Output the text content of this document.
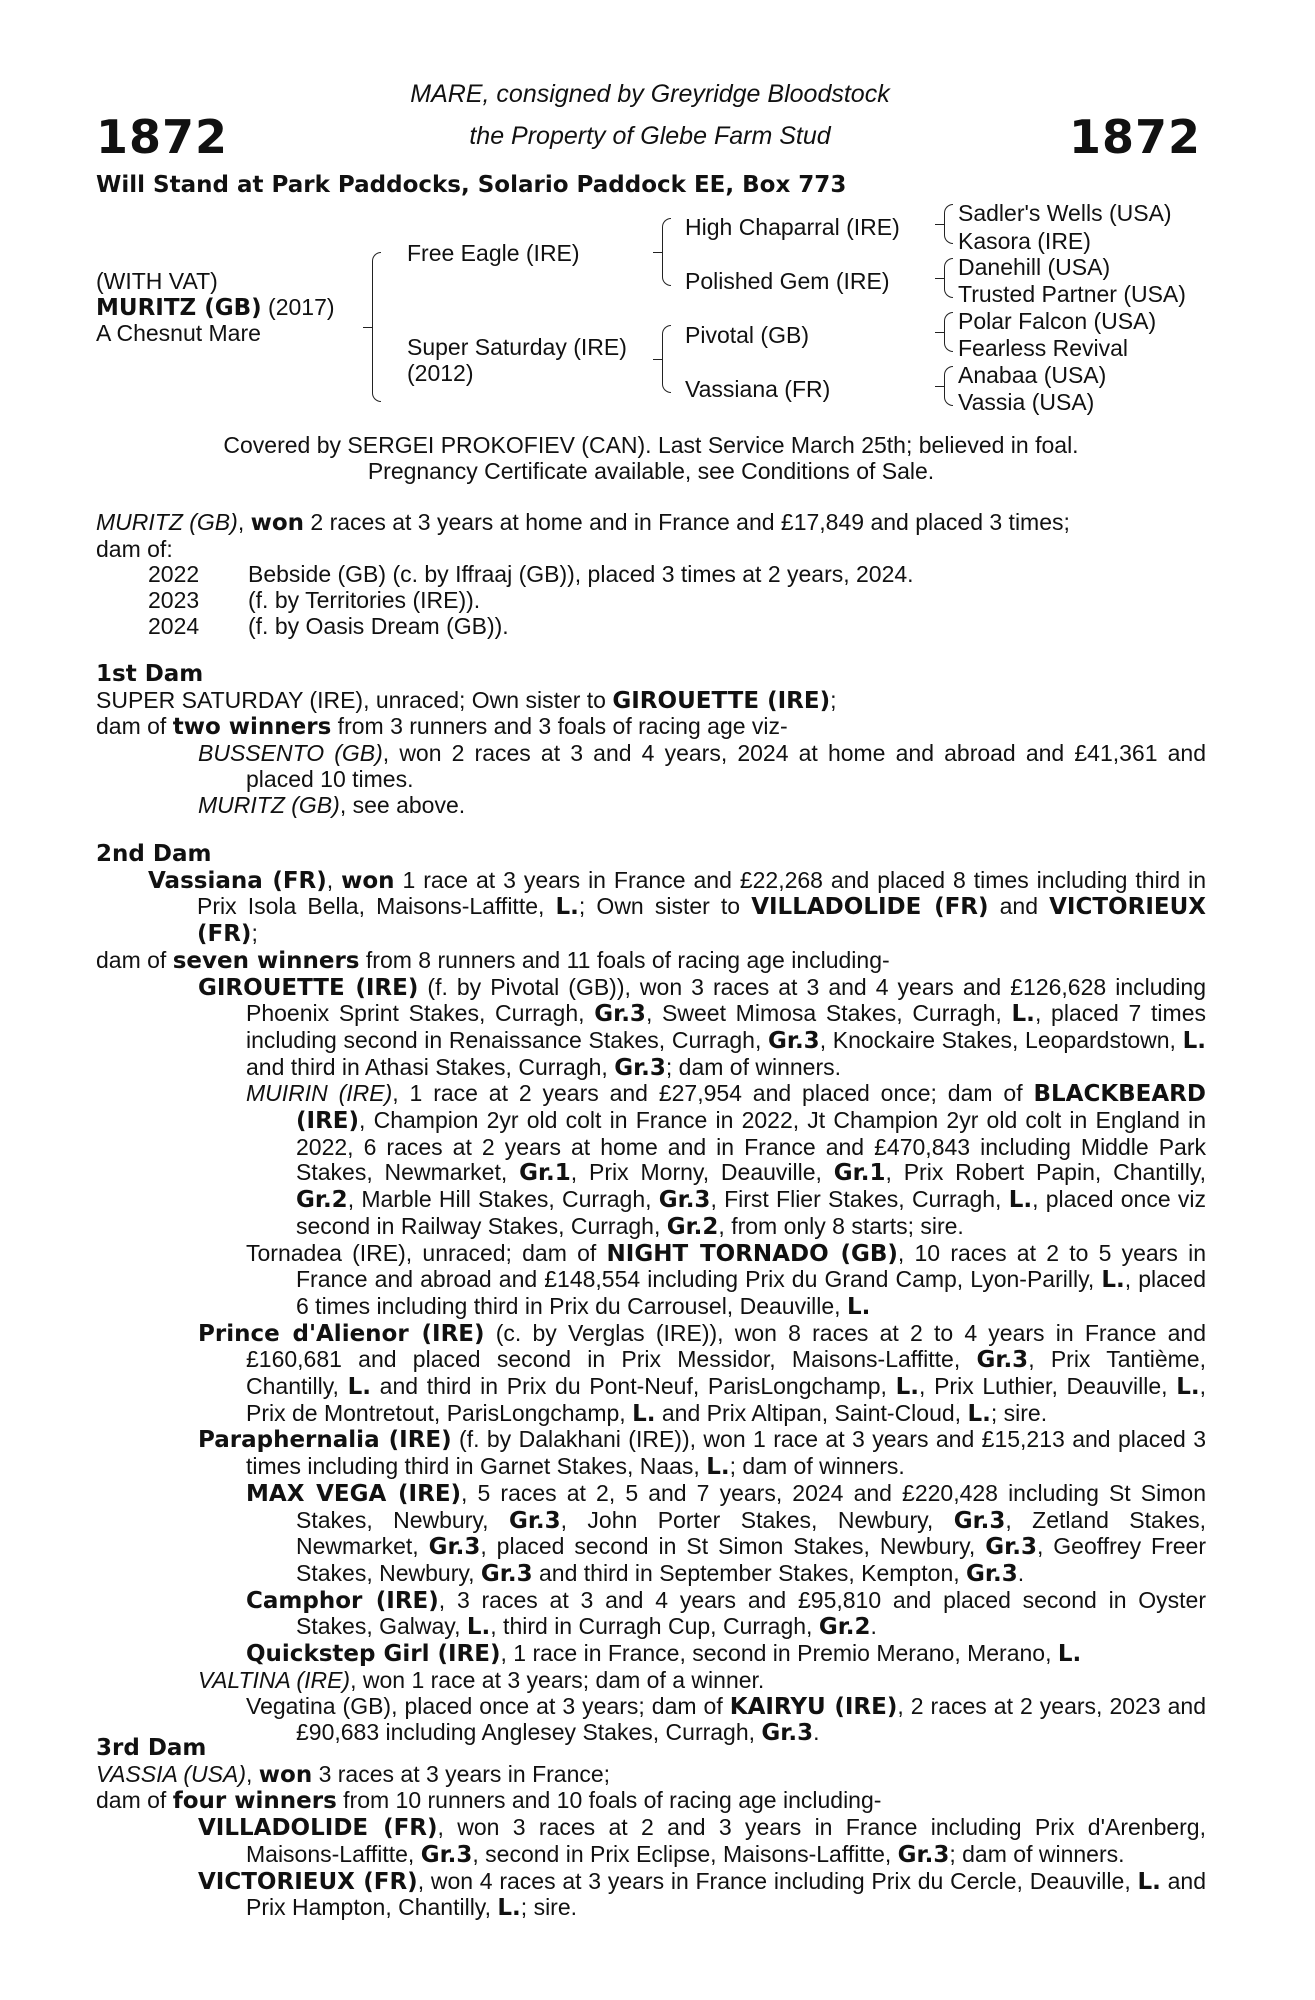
MARE, consigned by Greyridge Bloodstock
1872	the Property of Glebe Farm Stud	1872
Will Stand at Park Paddocks, Solario Paddock EE, Box 773
(WITH VAT)
MURITZ (GB) (2017)
A Chesnut Mare
Free Eagle (IRE)
Super Saturday (IRE)
(2012)
High Chaparral (IRE)
Polished Gem (IRE)
Pivotal (GB)
Vassiana (FR)
Sadler's Wells (USA)
Kasora (IRE)
Danehill (USA)
Trusted Partner (USA)
Polar Falcon (USA)
Fearless Revival
Anabaa (USA)
Vassia (USA)

Covered by SERGEI PROKOFIEV (CAN). Last Service March 25th; believed in foal.

Pregnancy Certificate available, see Conditions of Sale.

MURITZ (GB), won 2 races at 3 years at home and in France and £17,849 and placed 3 times;

dam of:

2022	Bebside (GB) (c. by Iffraaj (GB)), placed 3 times at 2 years, 2024.
2023	(f. by Territories (IRE)).
2024	(f. by Oasis Dream (GB)).

1st Dam

SUPER SATURDAY (IRE), unraced; Own sister to GIROUETTE (IRE);

dam of two winners from 3 runners and 3 foals of racing age viz-

BUSSENTO (GB), won 2 races at 3 and 4 years, 2024 at home and abroad and £41,361 and placed 10 times.

MURITZ (GB), see above.

2nd Dam

Vassiana (FR), won 1 race at 3 years in France and £22,268 and placed 8 times including third in Prix Isola Bella, Maisons-Laffitte, L.; Own sister to VILLADOLIDE (FR) and VICTORIEUX (FR);

dam of seven winners from 8 runners and 11 foals of racing age including-

GIROUETTE (IRE) (f. by Pivotal (GB)), won 3 races at 3 and 4 years and £126,628 including Phoenix Sprint Stakes, Curragh, Gr.3, Sweet Mimosa Stakes, Curragh, L., placed 7 times including second in Renaissance Stakes, Curragh, Gr.3, Knockaire Stakes, Leopardstown, L. and third in Athasi Stakes, Curragh, Gr.3; dam of winners.

MUIRIN (IRE), 1 race at 2 years and £27,954 and placed once; dam of BLACKBEARD (IRE), Champion 2yr old colt in France in 2022, Jt Champion 2yr old colt in England in 2022, 6 races at 2 years at home and in France and £470,843 including Middle Park Stakes, Newmarket, Gr.1, Prix Morny, Deauville, Gr.1, Prix Robert Papin, Chantilly, Gr.2, Marble Hill Stakes, Curragh, Gr.3, First Flier Stakes, Curragh, L., placed once viz second in Railway Stakes, Curragh, Gr.2, from only 8 starts; sire.

Tornadea (IRE), unraced; dam of NIGHT TORNADO (GB), 10 races at 2 to 5 years in France and abroad and £148,554 including Prix du Grand Camp, Lyon-Parilly, L., placed 6 times including third in Prix du Carrousel, Deauville, L.

Prince d'Alienor (IRE) (c. by Verglas (IRE)), won 8 races at 2 to 4 years in France and £160,681 and placed second in Prix Messidor, Maisons-Laffitte, Gr.3, Prix Tantième, Chantilly, L. and third in Prix du Pont-Neuf, ParisLongchamp, L., Prix Luthier, Deauville, L., Prix de Montretout, ParisLongchamp, L. and Prix Altipan, Saint-Cloud, L.; sire.

Paraphernalia (IRE) (f. by Dalakhani (IRE)), won 1 race at 3 years and £15,213 and placed 3 times including third in Garnet Stakes, Naas, L.; dam of winners.

MAX VEGA (IRE), 5 races at 2, 5 and 7 years, 2024 and £220,428 including St Simon Stakes, Newbury, Gr.3, John Porter Stakes, Newbury, Gr.3, Zetland Stakes, Newmarket, Gr.3, placed second in St Simon Stakes, Newbury, Gr.3, Geoffrey Freer Stakes, Newbury, Gr.3 and third in September Stakes, Kempton, Gr.3.

Camphor (IRE), 3 races at 3 and 4 years and £95,810 and placed second in Oyster Stakes, Galway, L., third in Curragh Cup, Curragh, Gr.2.

Quickstep Girl (IRE), 1 race in France, second in Premio Merano, Merano, L.

VALTINA (IRE), won 1 race at 3 years; dam of a winner.

Vegatina (GB), placed once at 3 years; dam of KAIRYU (IRE), 2 races at 2 years, 2023 and £90,683 including Anglesey Stakes, Curragh, Gr.3.

3rd Dam

VASSIA (USA), won 3 races at 3 years in France;

dam of four winners from 10 runners and 10 foals of racing age including-

VILLADOLIDE (FR), won 3 races at 2 and 3 years in France including Prix d'Arenberg, Maisons-Laffitte, Gr.3, second in Prix Eclipse, Maisons-Laffitte, Gr.3; dam of winners.

VICTORIEUX (FR), won 4 races at 3 years in France including Prix du Cercle, Deauville, L. and Prix Hampton, Chantilly, L.; sire.
